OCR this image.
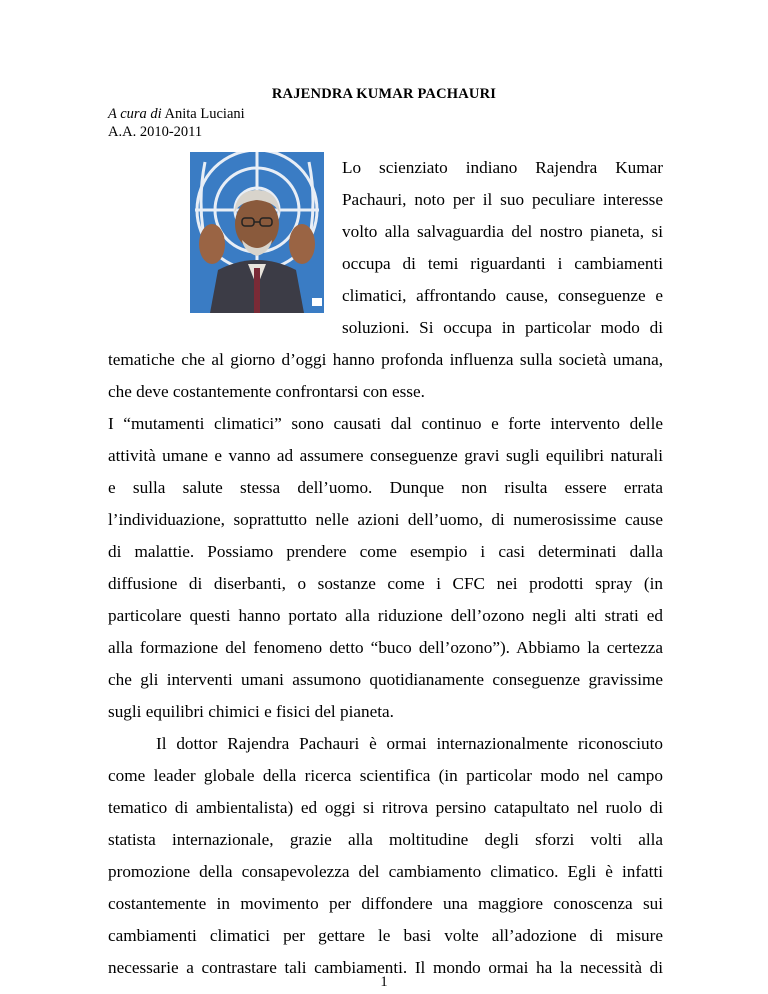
RAJENDRA KUMAR PACHAURI
A cura di Anita Luciani
A.A. 2010-2011
Lo scienziato indiano Rajendra Kumar
Pachauri, noto per il suo peculiare interesse
volto alla salvaguardia del nostro pianeta, si
occupa di temi riguardanti i cambiamenti
climatici, affrontando cause, conseguenze e
soluzioni. Si occupa in particolar modo di
tematiche che al giorno d’oggi hanno profonda influenza sulla società umana,
che deve costantemente confrontarsi con esse.
I “mutamenti climatici” sono causati dal continuo e forte intervento delle
attività umane e vanno ad assumere conseguenze gravi sugli equilibri naturali
e sulla salute stessa dell’uomo. Dunque non risulta essere errata
l’individuazione, soprattutto nelle azioni dell’uomo, di numerosissime cause
di malattie. Possiamo prendere come esempio i casi determinati dalla
diffusione di diserbanti, o sostanze come i CFC nei prodotti spray (in
particolare questi hanno portato alla riduzione dell’ozono negli alti strati ed
alla formazione del fenomeno detto “buco dell’ozono”). Abbiamo la certezza
che gli interventi umani assumono quotidianamente conseguenze gravissime
sugli equilibri chimici e fisici del pianeta.
Il dottor Rajendra Pachauri è ormai internazionalmente riconosciuto
come leader globale della ricerca scientifica (in particolar modo nel campo
tematico di ambientalista) ed oggi si ritrova persino catapultato nel ruolo di
statista internazionale, grazie alla moltitudine degli sforzi volti alla
promozione della consapevolezza del cambiamento climatico. Egli è infatti
costantemente in movimento per diffondere una maggiore conoscenza sui
cambiamenti climatici per gettare le basi volte all’adozione di misure
necessarie a contrastare tali cambiamenti. Il mondo ormai ha la necessità di
1
